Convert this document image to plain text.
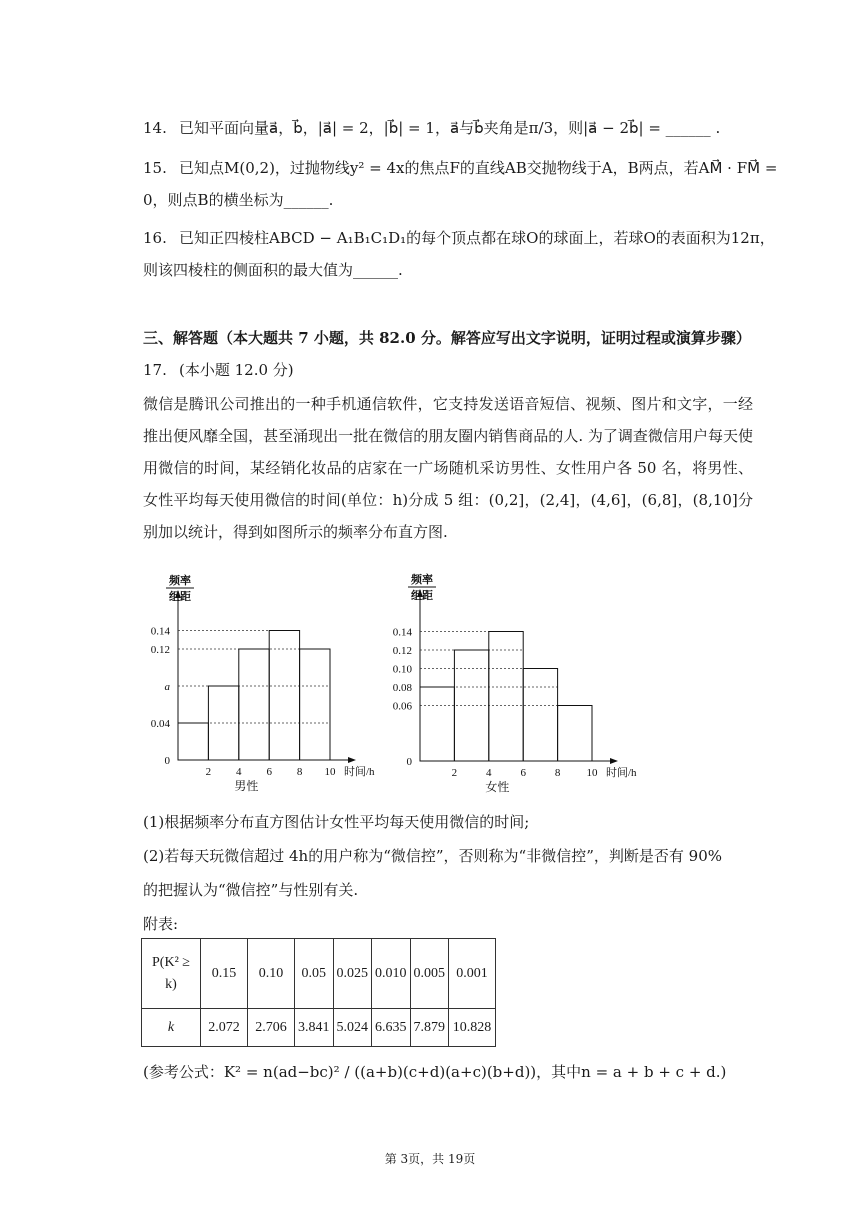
14. 已知平面向量a⃗，b⃗，|a⃗| = 2，|b⃗| = 1，a⃗与b⃗夹角是π/3，则|a⃗ − 2b⃗| = ______ .
15. 已知点M(0,2)，过抛物线y² = 4x的焦点F的直线AB交抛物线于A，B两点，若AM⃗ · FM⃗ =
0，则点B的横坐标为______.
16. 已知正四棱柱ABCD − A₁B₁C₁D₁的每个顶点都在球O的球面上，若球O的表面积为12π，
则该四棱柱的侧面积的最大值为______.
三、解答题（本大题共 7 小题，共 82.0 分。解答应写出文字说明，证明过程或演算步骤）
17. (本小题 12.0 分)
微信是腾讯公司推出的一种手机通信软件，它支持发送语音短信、视频、图片和文字，一经推出便风靡全国，甚至涌现出一批在微信的朋友圈内销售商品的人. 为了调查微信用户每天使用微信的时间，某经销化妆品的店家在一广场随机采访男性、女性用户各 50 名，将男性、女性平均每天使用微信的时间(单位：h)分成 5 组：(0,2]，(2,4]，(4,6]，(6,8]，(8,10]分别加以统计，得到如图所示的频率分布直方图.
0.04
a
0.12
0.14
2 4 6 8 10
0
时间/h
男性
频率
组距
0.06
0.08
0.10
0.12
0.14
2	4	6	8 10
0
时间/h
女性
频率
组距
(1)根据频率分布直方图估计女性平均每天使用微信的时间;
(2)若每天玩微信超过 4h的用户称为“微信控”，否则称为“非微信控”，判断是否有 90%
的把握认为“微信控”与性别有关.
附表:
P(K² ≥ k)	0.15	0.10	0.05	0.025	0.010	0.005	0.001
k	2.072	2.706	3.841	5.024	6.635	7.879	10.828
(参考公式：K² = n(ad−bc)² / ((a+b)(c+d)(a+c)(b+d))，其中n = a + b + c + d.)
第 3页，共 19页
